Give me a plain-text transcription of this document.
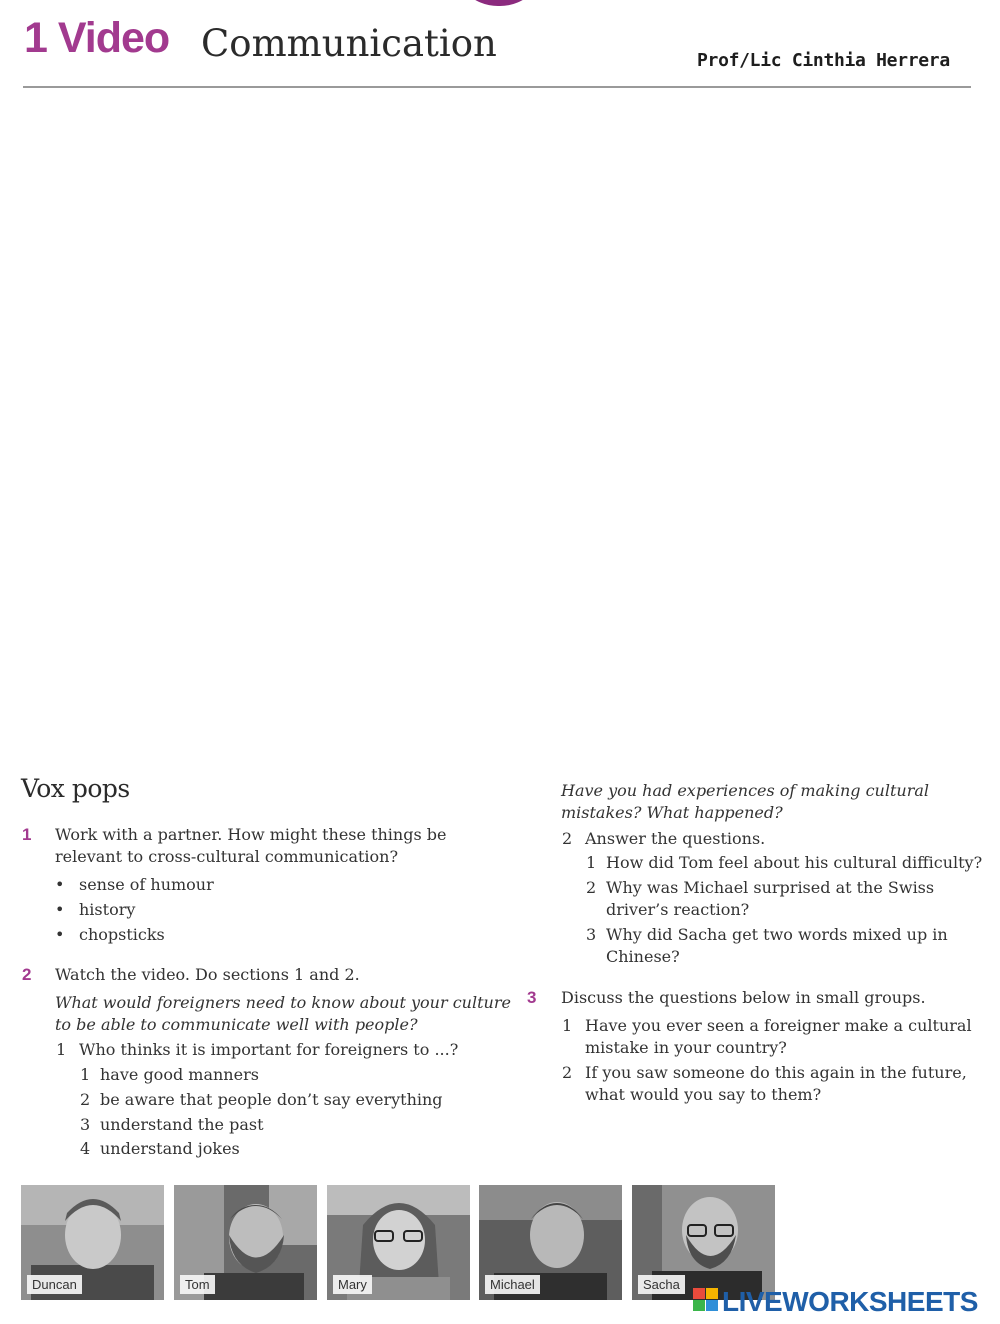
1 Video Communication	Prof/Lic Cinthia Herrera
Vox pops
1 Work with a partner. How might these things be
relevant to cross-cultural communication?
• sense of humour
• history
• chopsticks
2 Watch the video. Do sections 1 and 2.
What would foreigners need to know about your culture
to be able to communicate well with people?
1 Who thinks it is important for foreigners to ...?
1 have good manners
2 be aware that people don’t say everything
3 understand the past
4 understand jokes
Have you had experiences of making cultural
mistakes? What happened?
2 Answer the questions.
1 How did Tom feel about his cultural difficulty?
2 Why was Michael surprised at the Swiss
driver’s reaction?
3 Why did Sacha get two words mixed up in
Chinese?
3 Discuss the questions below in small groups.
1 Have you ever seen a foreigner make a cultural
mistake in your country?
2 If you saw someone do this again in the future,
what would you say to them?
Duncan	Tom	Mary	Michael	Sacha
LIVEWORKSHEETS
